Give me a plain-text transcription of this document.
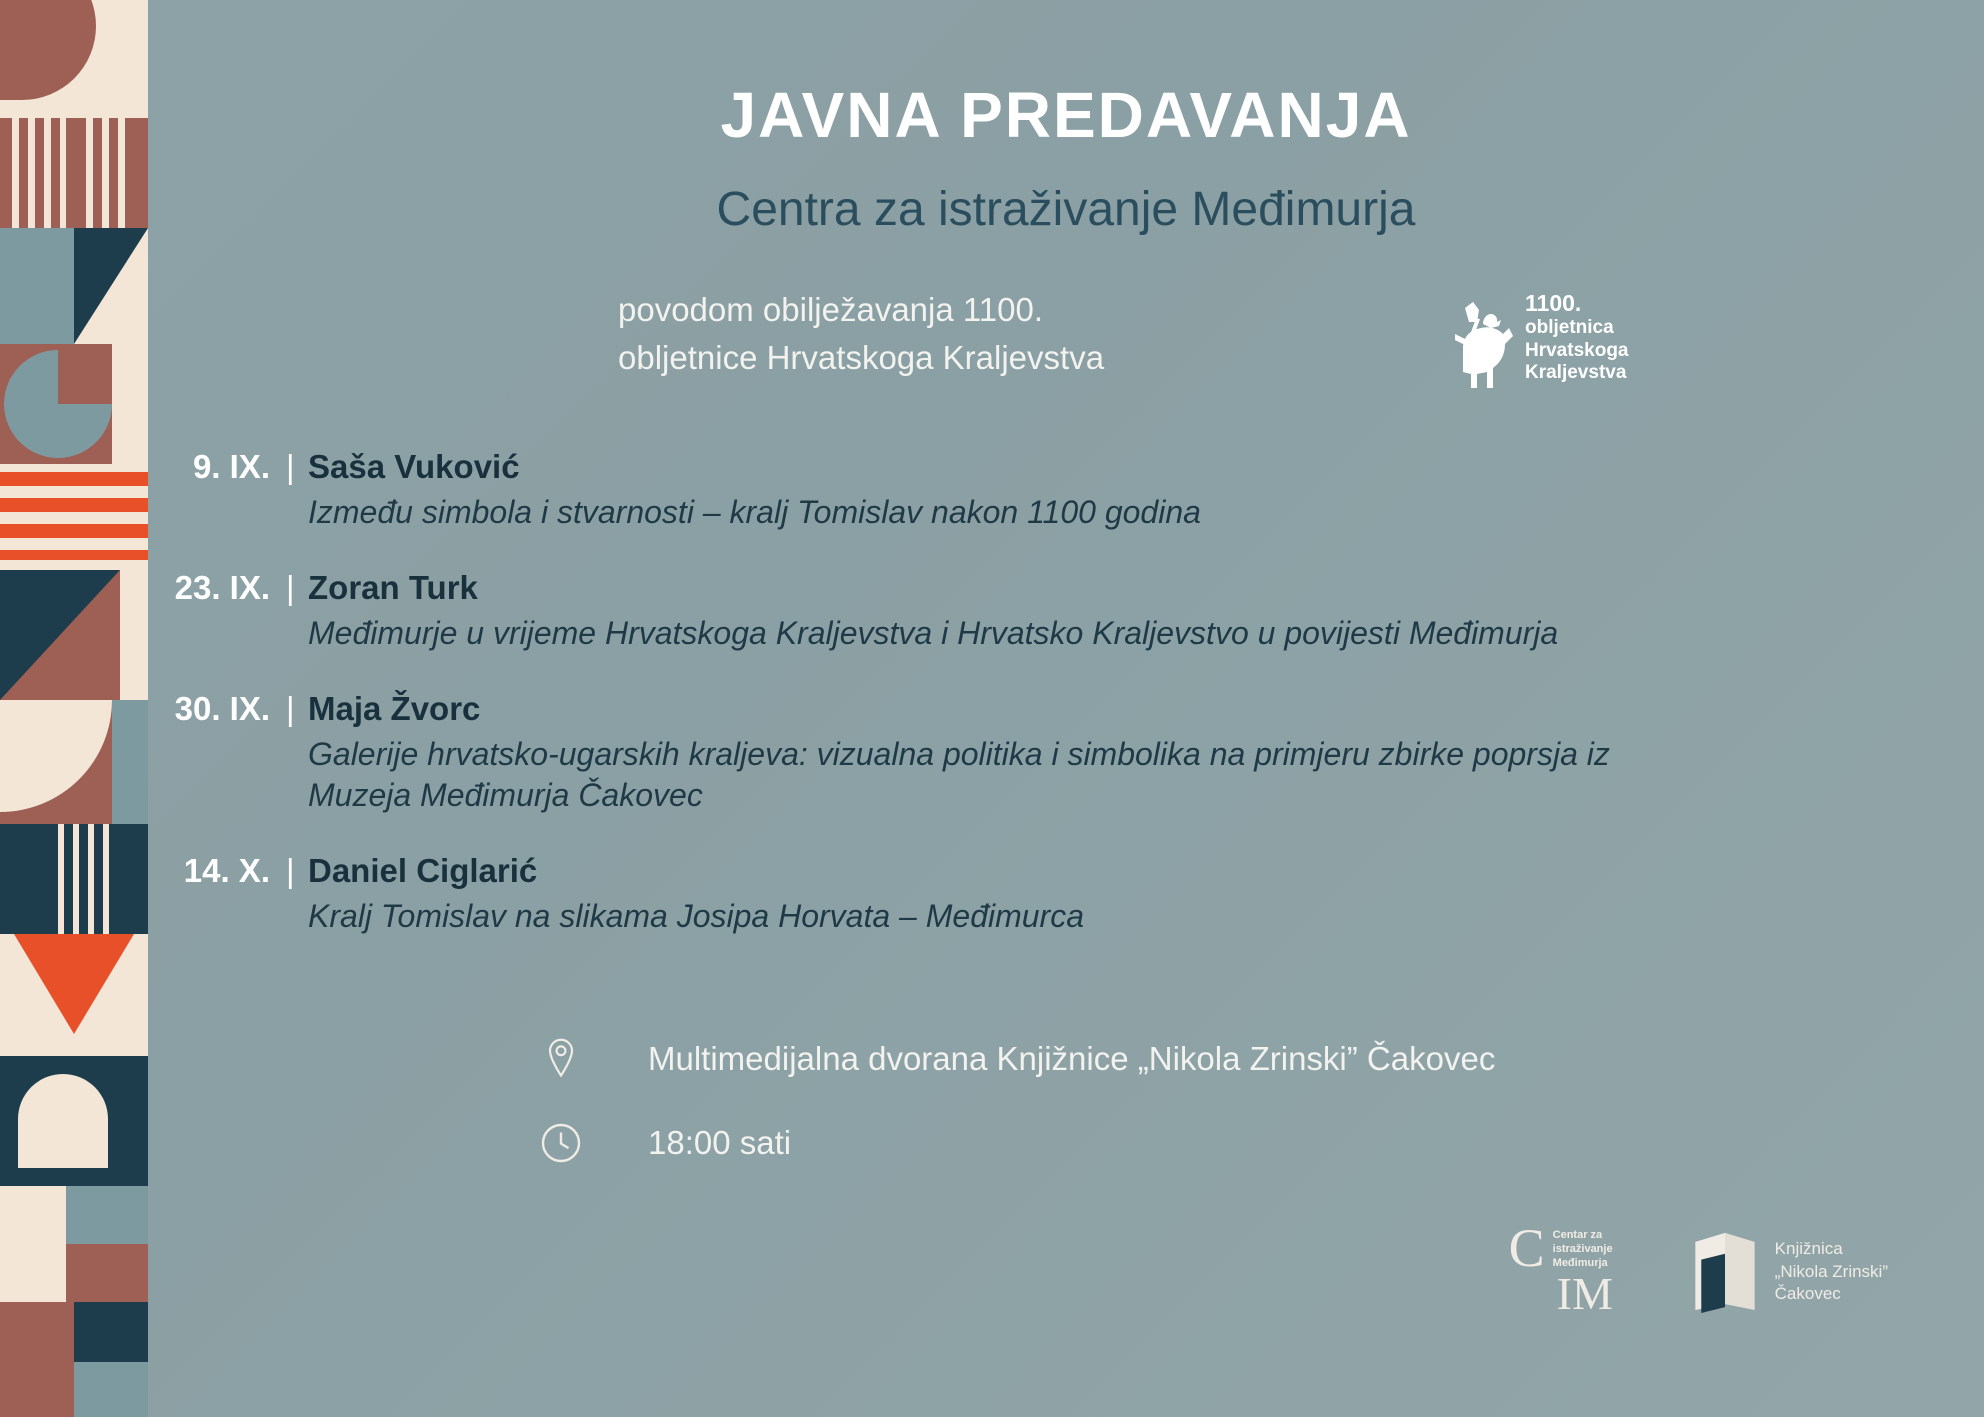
JAVNA PREDAVANJA
Centra za istraživanje Međimurja
povodom obilježavanja 1100.
obljetnice Hrvatskoga Kraljevstva
1100.
obljetnica
Hrvatskoga
Kraljevstva
9. IX. | Saša Vuković
Između simbola i stvarnosti – kralj Tomislav nakon 1100 godina
23. IX. | Zoran Turk
Međimurje u vrijeme Hrvatskoga Kraljevstva i Hrvatsko Kraljevstvo u povijesti Međimurja
30. IX. | Maja Žvorc
Galerije hrvatsko-ugarskih kraljeva: vizualna politika i simbolika na primjeru zbirke poprsja iz Muzeja Međimurja Čakovec
14. X. | Daniel Ciglarić
Kralj Tomislav na slikama Josipa Horvata – Međimurca
Multimedijalna dvorana Knjižnice „Nikola Zrinski” Čakovec
18:00 sati
C Centar za
istraživanje
Međimurja
IM
Knjižnica
„Nikola Zrinski”
Čakovec
